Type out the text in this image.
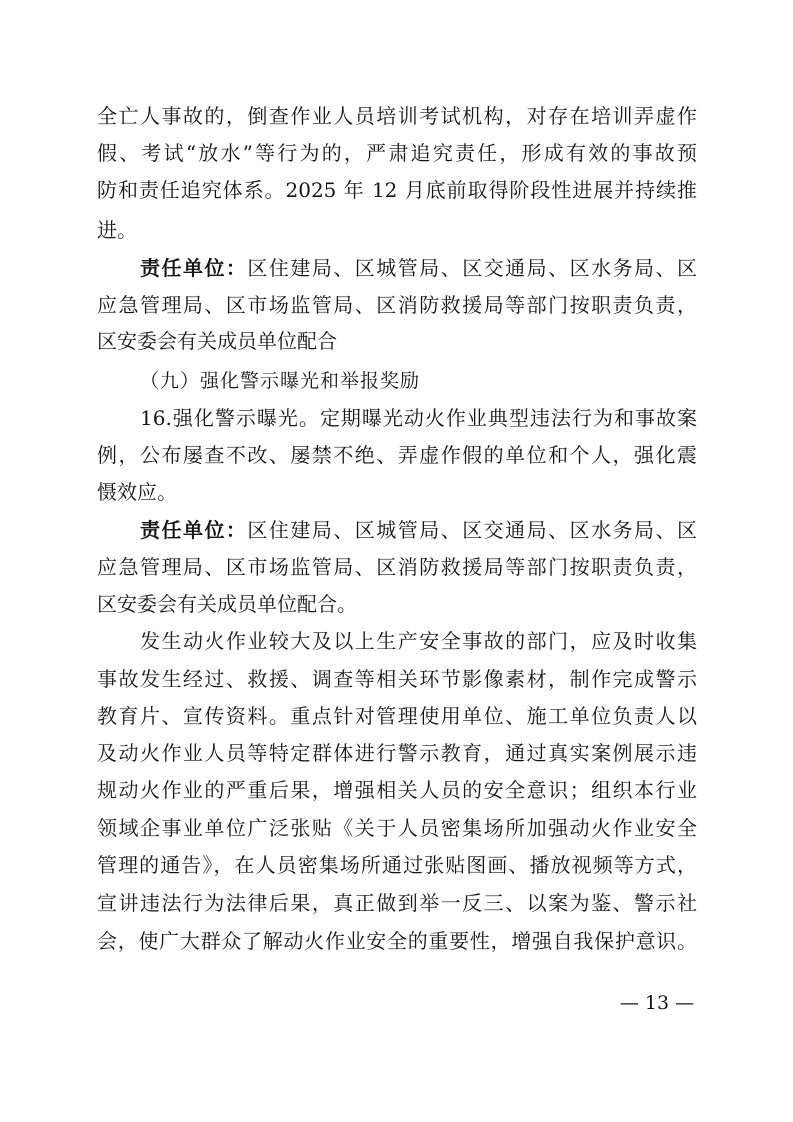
全亡人事故的，倒查作业人员培训考试机构，对存在培训弄虚作
假、考试“放水”等行为的，严肃追究责任，形成有效的事故预
防和责任追究体系。2025 年 12 月底前取得阶段性进展并持续推
进。
责任单位：区住建局、区城管局、区交通局、区水务局、区
应急管理局、区市场监管局、区消防救援局等部门按职责负责，
区安委会有关成员单位配合
（九）强化警示曝光和举报奖励
16.强化警示曝光。定期曝光动火作业典型违法行为和事故案
例，公布屡查不改、屡禁不绝、弄虚作假的单位和个人，强化震
慑效应。
责任单位：区住建局、区城管局、区交通局、区水务局、区
应急管理局、区市场监管局、区消防救援局等部门按职责负责，
区安委会有关成员单位配合。
发生动火作业较大及以上生产安全事故的部门，应及时收集
事故发生经过、救援、调查等相关环节影像素材，制作完成警示
教育片、宣传资料。重点针对管理使用单位、施工单位负责人以
及动火作业人员等特定群体进行警示教育，通过真实案例展示违
规动火作业的严重后果，增强相关人员的安全意识；组织本行业
领域企事业单位广泛张贴《关于人员密集场所加强动火作业安全
管理的通告》，在人员密集场所通过张贴图画、播放视频等方式，
宣讲违法行为法律后果，真正做到举一反三、以案为鉴、警示社
会，使广大群众了解动火作业安全的重要性，增强自我保护意识。
— 13 —
